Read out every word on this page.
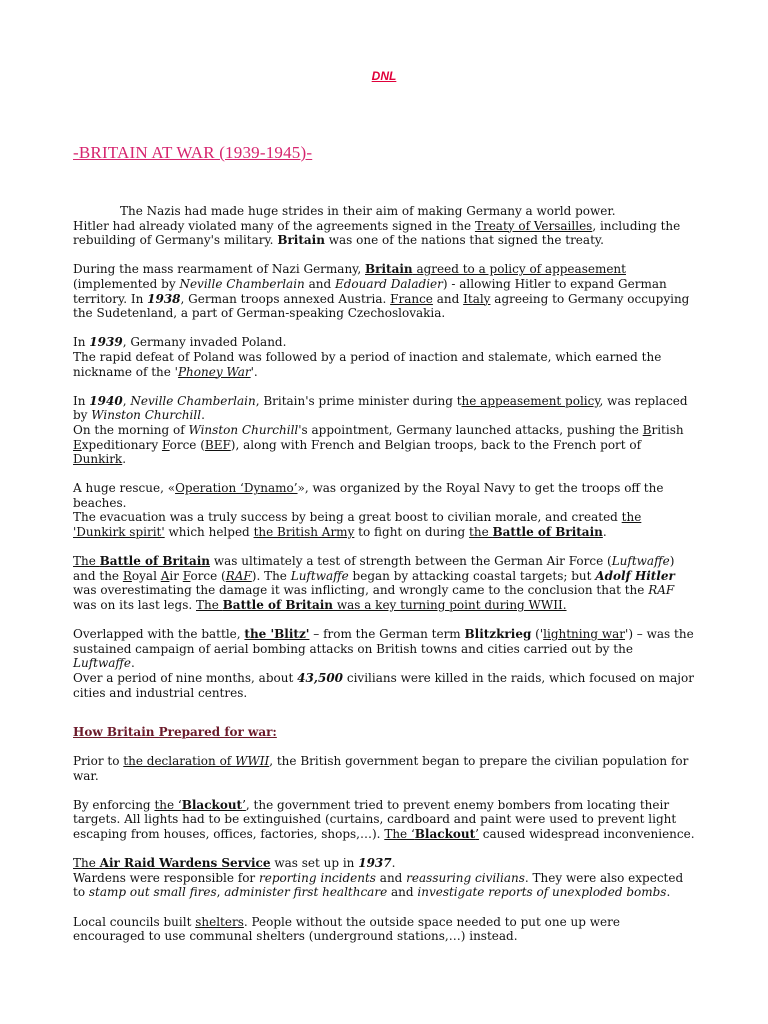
DNL
-BRITAIN AT WAR (1939-1945)-

The Nazis had made huge strides in their aim of making Germany a world power.
Hitler had already violated many of the agreements signed in the Treaty of Versailles, including the rebuilding of Germany's military. Britain was one of the nations that signed the treaty.

During the mass rearmament of Nazi Germany, Britain agreed to a policy of appeasement (implemented by Neville Chamberlain and Edouard Daladier) - allowing Hitler to expand German territory. In 1938, German troops annexed Austria. France and Italy agreeing to Germany occupying the Sudetenland, a part of German-speaking Czechoslovakia.

In 1939, Germany invaded Poland.
The rapid defeat of Poland was followed by a period of inaction and stalemate, which earned the nickname of the 'Phoney War'.

In 1940, Neville Chamberlain, Britain's prime minister during the appeasement policy, was replaced by Winston Churchill.
On the morning of Winston Churchill's appointment, Germany launched attacks, pushing the British Expeditionary Force (BEF), along with French and Belgian troops, back to the French port of Dunkirk.

A huge rescue, «Operation ‘Dynamo’», was organized by the Royal Navy to get the troops off the beaches.
The evacuation was a truly success by being a great boost to civilian morale, and created the 'Dunkirk spirit' which helped the British Army to fight on during the Battle of Britain.

The Battle of Britain was ultimately a test of strength between the German Air Force (Luftwaffe) and the Royal Air Force (RAF). The Luftwaffe began by attacking coastal targets; but Adolf Hitler was overestimating the damage it was inflicting, and wrongly came to the conclusion that the RAF was on its last legs. The Battle of Britain was a key turning point during WWII.

Overlapped with the battle, the 'Blitz' – from the German term Blitzkrieg ('lightning war') – was the sustained campaign of aerial bombing attacks on British towns and cities carried out by the Luftwaffe.
Over a period of nine months, about 43,500 civilians were killed in the raids, which focused on major cities and industrial centres.

How Britain Prepared for war:

Prior to the declaration of WWII, the British government began to prepare the civilian population for war.

By enforcing the ‘Blackout’, the government tried to prevent enemy bombers from locating their targets. All lights had to be extinguished (curtains, cardboard and paint were used to prevent light escaping from houses, offices, factories, shops,…). The ‘Blackout’ caused widespread inconvenience.

The Air Raid Wardens Service was set up in 1937.
Wardens were responsible for reporting incidents and reassuring civilians. They were also expected to stamp out small fires, administer first healthcare and investigate reports of unexploded bombs.

Local councils built shelters. People without the outside space needed to put one up were encouraged to use communal shelters (underground stations,…) instead.
